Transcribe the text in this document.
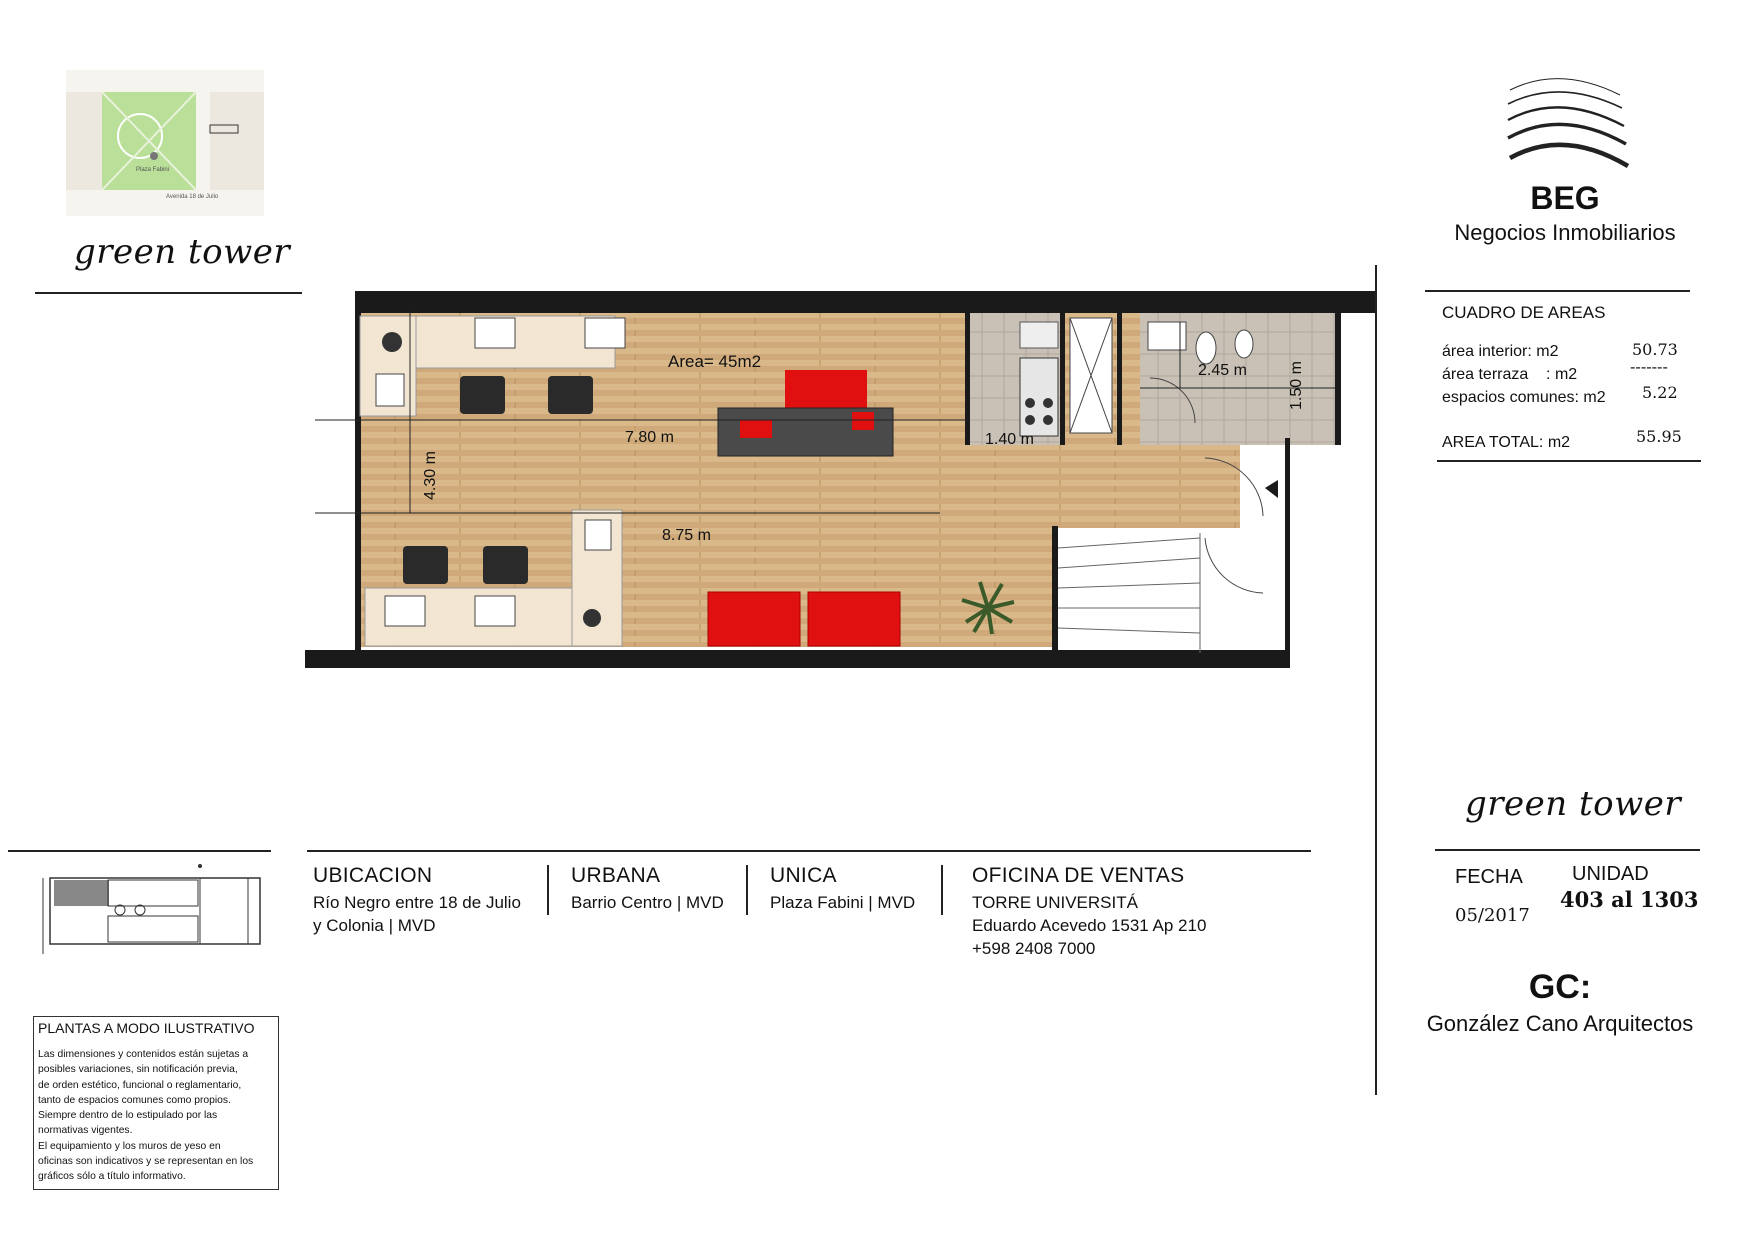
Plaza Fabini
Avenida 18 de Julio
green tower
BEG
Negocios Inmobiliarios
CUADRO DE AREAS
área interior: m2	50.73
área terraza    : m2	-------
espacios comunes: m2 5.22
AREA TOTAL: m2	55.95
Area= 45m2
7.80 m
8.75 m
4.30 m
1.40 m
2.45 m	1.50 m
green tower
FECHA
05/2017
UNIDAD
403 al 1303
GC:
González Cano Arquitectos
UBICACION
Río Negro entre 18 de Julio
y Colonia | MVD
URBANA
Barrio Centro | MVD
UNICA
Plaza Fabini | MVD
OFICINA DE VENTAS
TORRE UNIVERSITÁ
Eduardo Acevedo 1531 Ap 210
+598 2408 7000
PLANTAS A MODO ILUSTRATIVO
Las dimensiones y contenidos están sujetas a
posibles variaciones, sin notificación previa,
de orden estético, funcional o reglamentario,
tanto de espacios comunes como propios.
Siempre dentro de lo estipulado por las
normativas vigentes.
El equipamiento y los muros de yeso en
oficinas son indicativos y se representan en los
gráficos sólo a título informativo.
